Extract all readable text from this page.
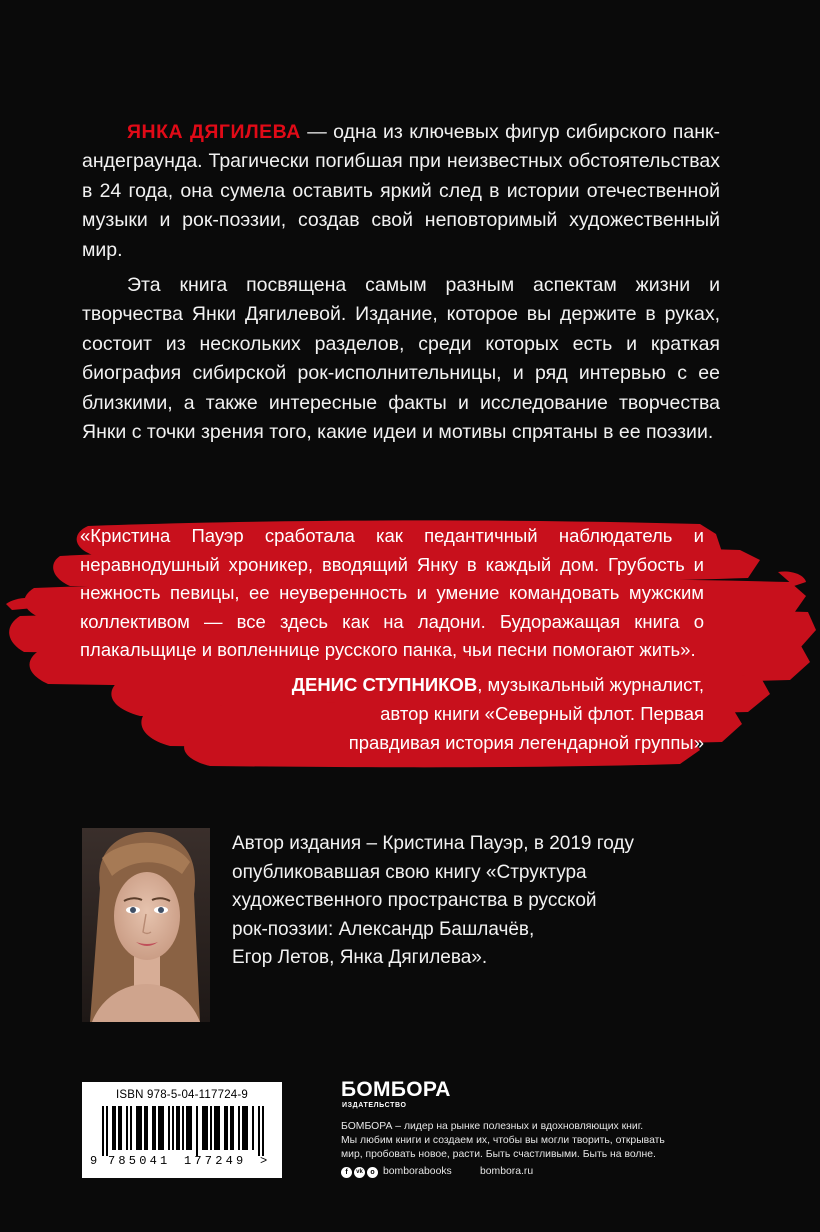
ЯНКА ДЯГИЛЕВА — одна из ключевых фигур сибирского панк-андеграунда. Трагически погибшая при неизвестных обстоятельствах в 24 года, она сумела оставить яркий след в истории отечественной музыки и рок-поэзии, создав свой неповторимый художественный мир.

Эта книга посвящена самым разным аспектам жизни и творчества Янки Дягилевой. Издание, которое вы держите в руках, состоит из нескольких разделов, среди которых есть и краткая биография сибирской рок-исполнительницы, и ряд интервью с ее близкими, а также интересные факты и исследование творчества Янки с точки зрения того, какие идеи и мотивы спрятаны в ее поэзии.

«Кристина Пауэр сработала как педантичный наблюдатель и неравнодушный хроникер, вводящий Янку в каждый дом. Грубость и нежность певицы, ее неуверенность и умение командовать мужским коллективом — все здесь как на ладони. Будоражащая книга о плакальщице и вопленнице русского панка, чьи песни помогают жить».

ДЕНИС СТУПНИКОВ, музыкальный журналист,
автор книги «Северный флот. Первая
правдивая история легендарной группы»

Автор издания – Кристина Пауэр, в 2019 году

опубликовавшая свою книгу «Структура

художественного пространства в русской

рок-поэзии: Александр Башлачёв,

Егор Летов, Янка Дягилева».

ISBN 978-5-04-117724-9
9 785041 177249 >
БОМБОРА
ИЗДАТЕЛЬСТВО

БОМБОРА – лидер на рынке полезных и вдохновляющих книг.

Мы любим книги и создаем их, чтобы вы могли творить, открывать

мир, пробовать новое, расти. Быть счастливыми. Быть на волне.

f	vk	o bomborabooks	bombora.ru
